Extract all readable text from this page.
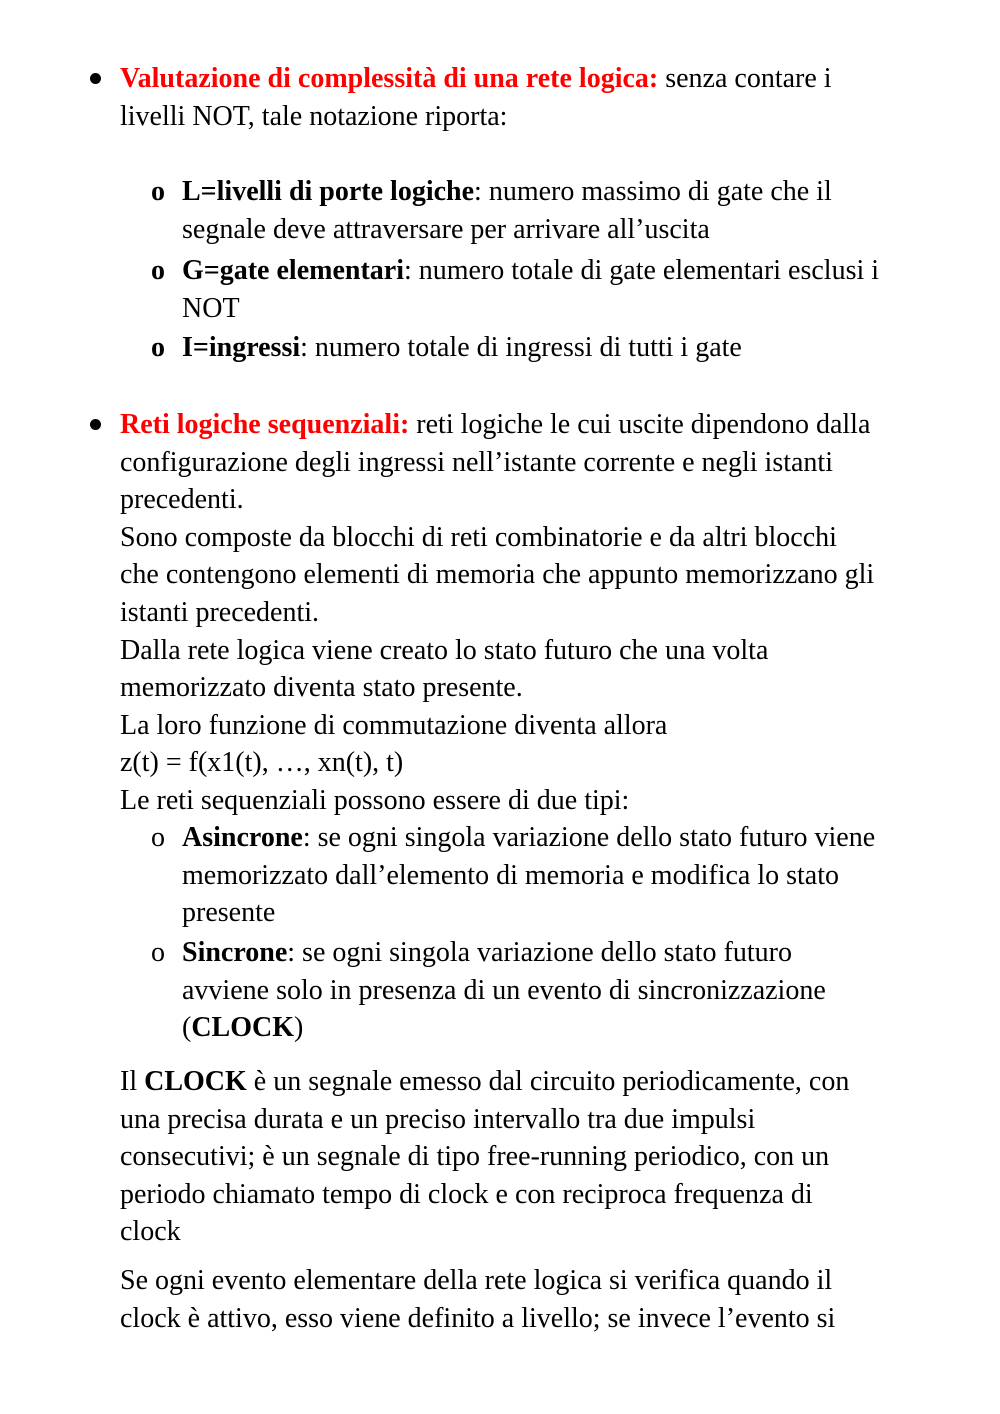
Valutazione di complessità di una rete logica: senza contare i
livelli NOT, tale notazione riporta:
o L=livelli di porte logiche: numero massimo di gate che il
segnale deve attraversare per arrivare all’uscita
o G=gate elementari: numero totale di gate elementari esclusi i
NOT
o I=ingressi: numero totale di ingressi di tutti i gate
Reti logiche sequenziali: reti logiche le cui uscite dipendono dalla
configurazione degli ingressi nell’istante corrente e negli istanti
precedenti.
Sono composte da blocchi di reti combinatorie e da altri blocchi
che contengono elementi di memoria che appunto memorizzano gli
istanti precedenti.
Dalla rete logica viene creato lo stato futuro che una volta
memorizzato diventa stato presente.
La loro funzione di commutazione diventa allora
z(t) = f(x1(t), …, xn(t), t)
Le reti sequenziali possono essere di due tipi:
o Asincrone: se ogni singola variazione dello stato futuro viene
memorizzato dall’elemento di memoria e modifica lo stato
presente
o Sincrone: se ogni singola variazione dello stato futuro
avviene solo in presenza di un evento di sincronizzazione
(CLOCK)
Il CLOCK è un segnale emesso dal circuito periodicamente, con
una precisa durata e un preciso intervallo tra due impulsi
consecutivi; è un segnale di tipo free-running periodico, con un
periodo chiamato tempo di clock e con reciproca frequenza di
clock
Se ogni evento elementare della rete logica si verifica quando il
clock è attivo, esso viene definito a livello; se invece l’evento si
